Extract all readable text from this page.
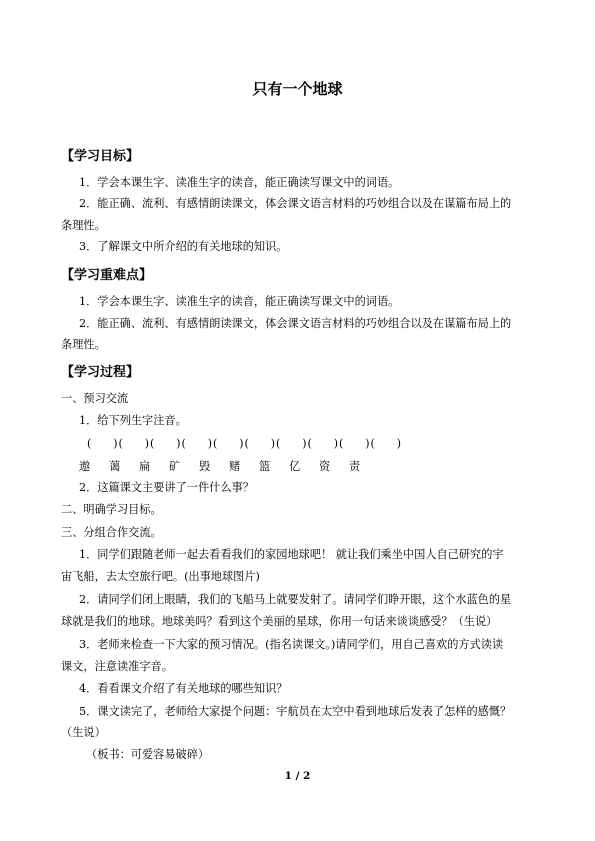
只有一个地球
【学习目标】
1．学会本课生字、读准生字的读音，能正确读写课文中的词语。
2．能正确、流利、有感情朗读课文，体会课文语言材料的巧妙组合以及在谋篇布局上的
条理性。
3．了解课文中所介绍的有关地球的知识。
【学习重难点】
1．学会本课生字、读准生字的读音，能正确读写课文中的词语。
2．能正确、流利、有感情朗读课文，体会课文语言材料的巧妙组合以及在谋篇布局上的
条理性。
【学习过程】
一、预习交流
1．给下列生字注音。
(　　) (　　) (　　) (　　) (　　) (　　) (　　) (　　) (　　) (　　)
遨	蔼	扁	矿	毁	赌	篮	亿	资	责
2．这篇课文主要讲了一件什么事？
二、明确学习目标。
三、分组合作交流。
1．同学们跟随老师一起去看看我们的家园地球吧！ 就让我们乘坐中国人自己研究的宇
宙飞船，去太空旅行吧。(出事地球图片)
2．请同学们闭上眼睛，我们的飞船马上就要发射了。请同学们睁开眼，这个水蓝色的星
球就是我们的地球。地球美吗？看到这个美丽的星球，你用一句话来谈谈感受？（生说）
3．老师来检查一下大家的预习情况。(指名读课文。)请同学们，用自己喜欢的方式读读
课文，注意读准字音。
4．看看课文介绍了有关地球的哪些知识？
5．课文读完了，老师给大家提个问题：宇航员在太空中看到地球后发表了怎样的感慨？
（生说）
（板书：可爱容易破碎）
1 / 2
